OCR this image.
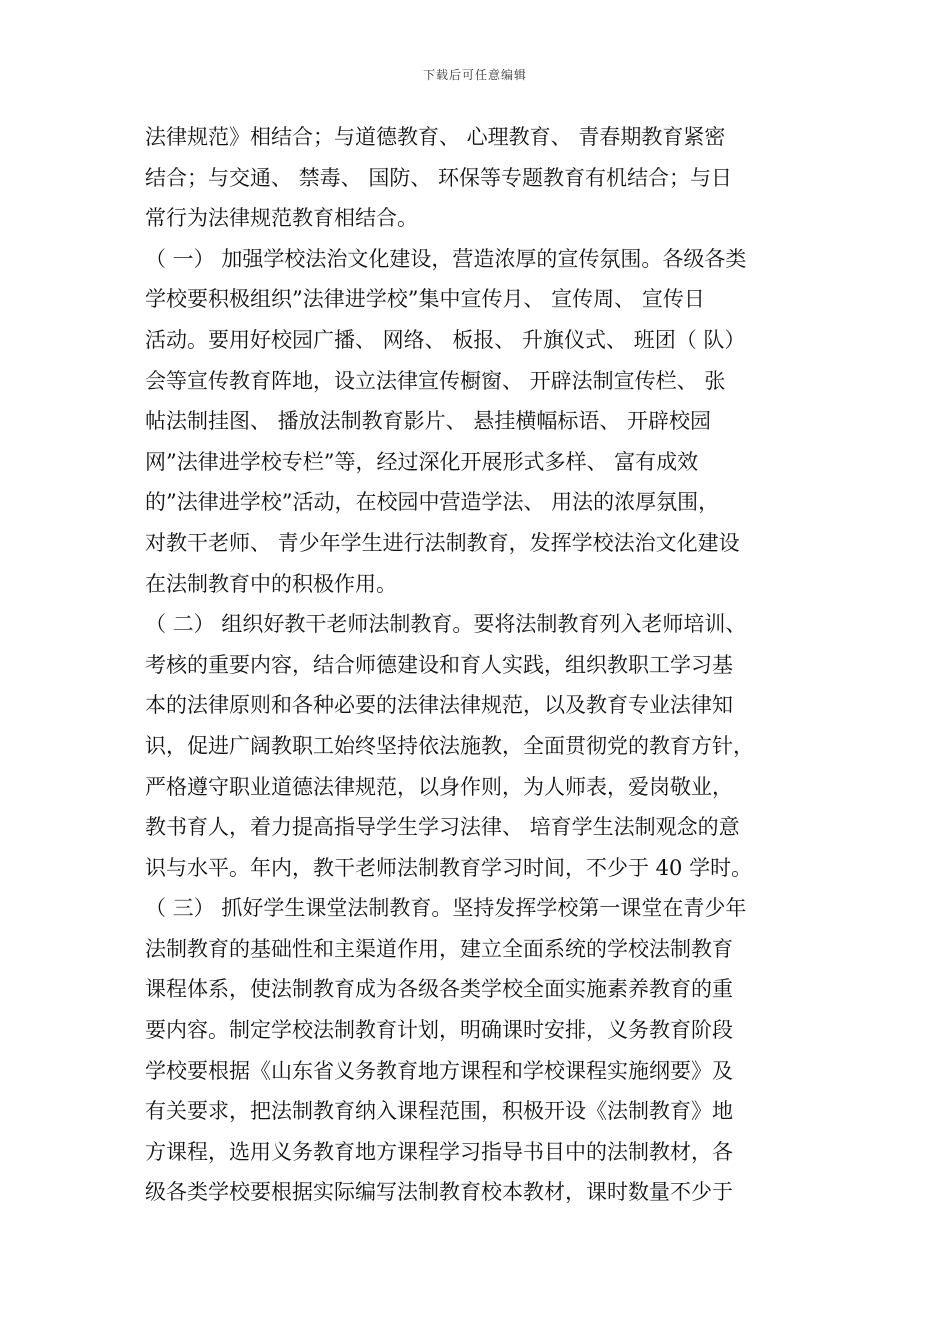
下载后可任意编辑
法律规范》相结合；与道德教育、 心理教育、 青春期教育紧密
结合；与交通、 禁毒、 国防、 环保等专题教育有机结合；与日
常行为法律规范教育相结合。
（ 一） 加强学校法治文化建设，营造浓厚的宣传氛围。各级各类
学校要积极组织”法律进学校”集中宣传月、 宣传周、 宣传日
活动。要用好校园广播、 网络、 板报、 升旗仪式、 班团（ 队）
会等宣传教育阵地，设立法律宣传橱窗、 开辟法制宣传栏、 张
帖法制挂图、 播放法制教育影片、 悬挂横幅标语、 开辟校园
网”法律进学校专栏”等，经过深化开展形式多样、 富有成效
的”法律进学校”活动，在校园中营造学法、 用法的浓厚氛围，
对教干老师、 青少年学生进行法制教育，发挥学校法治文化建设
在法制教育中的积极作用。
（ 二） 组织好教干老师法制教育。要将法制教育列入老师培训、
考核的重要内容，结合师德建设和育人实践，组织教职工学习基
本的法律原则和各种必要的法律法律规范，以及教育专业法律知
识，促进广阔教职工始终坚持依法施教，全面贯彻党的教育方针，
严格遵守职业道德法律规范，以身作则，为人师表，爱岗敬业，
教书育人，着力提高指导学生学习法律、 培育学生法制观念的意
识与水平。年内，教干老师法制教育学习时间，不少于 40 学时。
（ 三） 抓好学生课堂法制教育。坚持发挥学校第一课堂在青少年
法制教育的基础性和主渠道作用，建立全面系统的学校法制教育
课程体系，使法制教育成为各级各类学校全面实施素养教育的重
要内容。制定学校法制教育计划，明确课时安排，义务教育阶段
学校要根据《山东省义务教育地方课程和学校课程实施纲要》及
有关要求，把法制教育纳入课程范围，积极开设《法制教育》地
方课程，选用义务教育地方课程学习指导书目中的法制教材，各
级各类学校要根据实际编写法制教育校本教材，课时数量不少于
